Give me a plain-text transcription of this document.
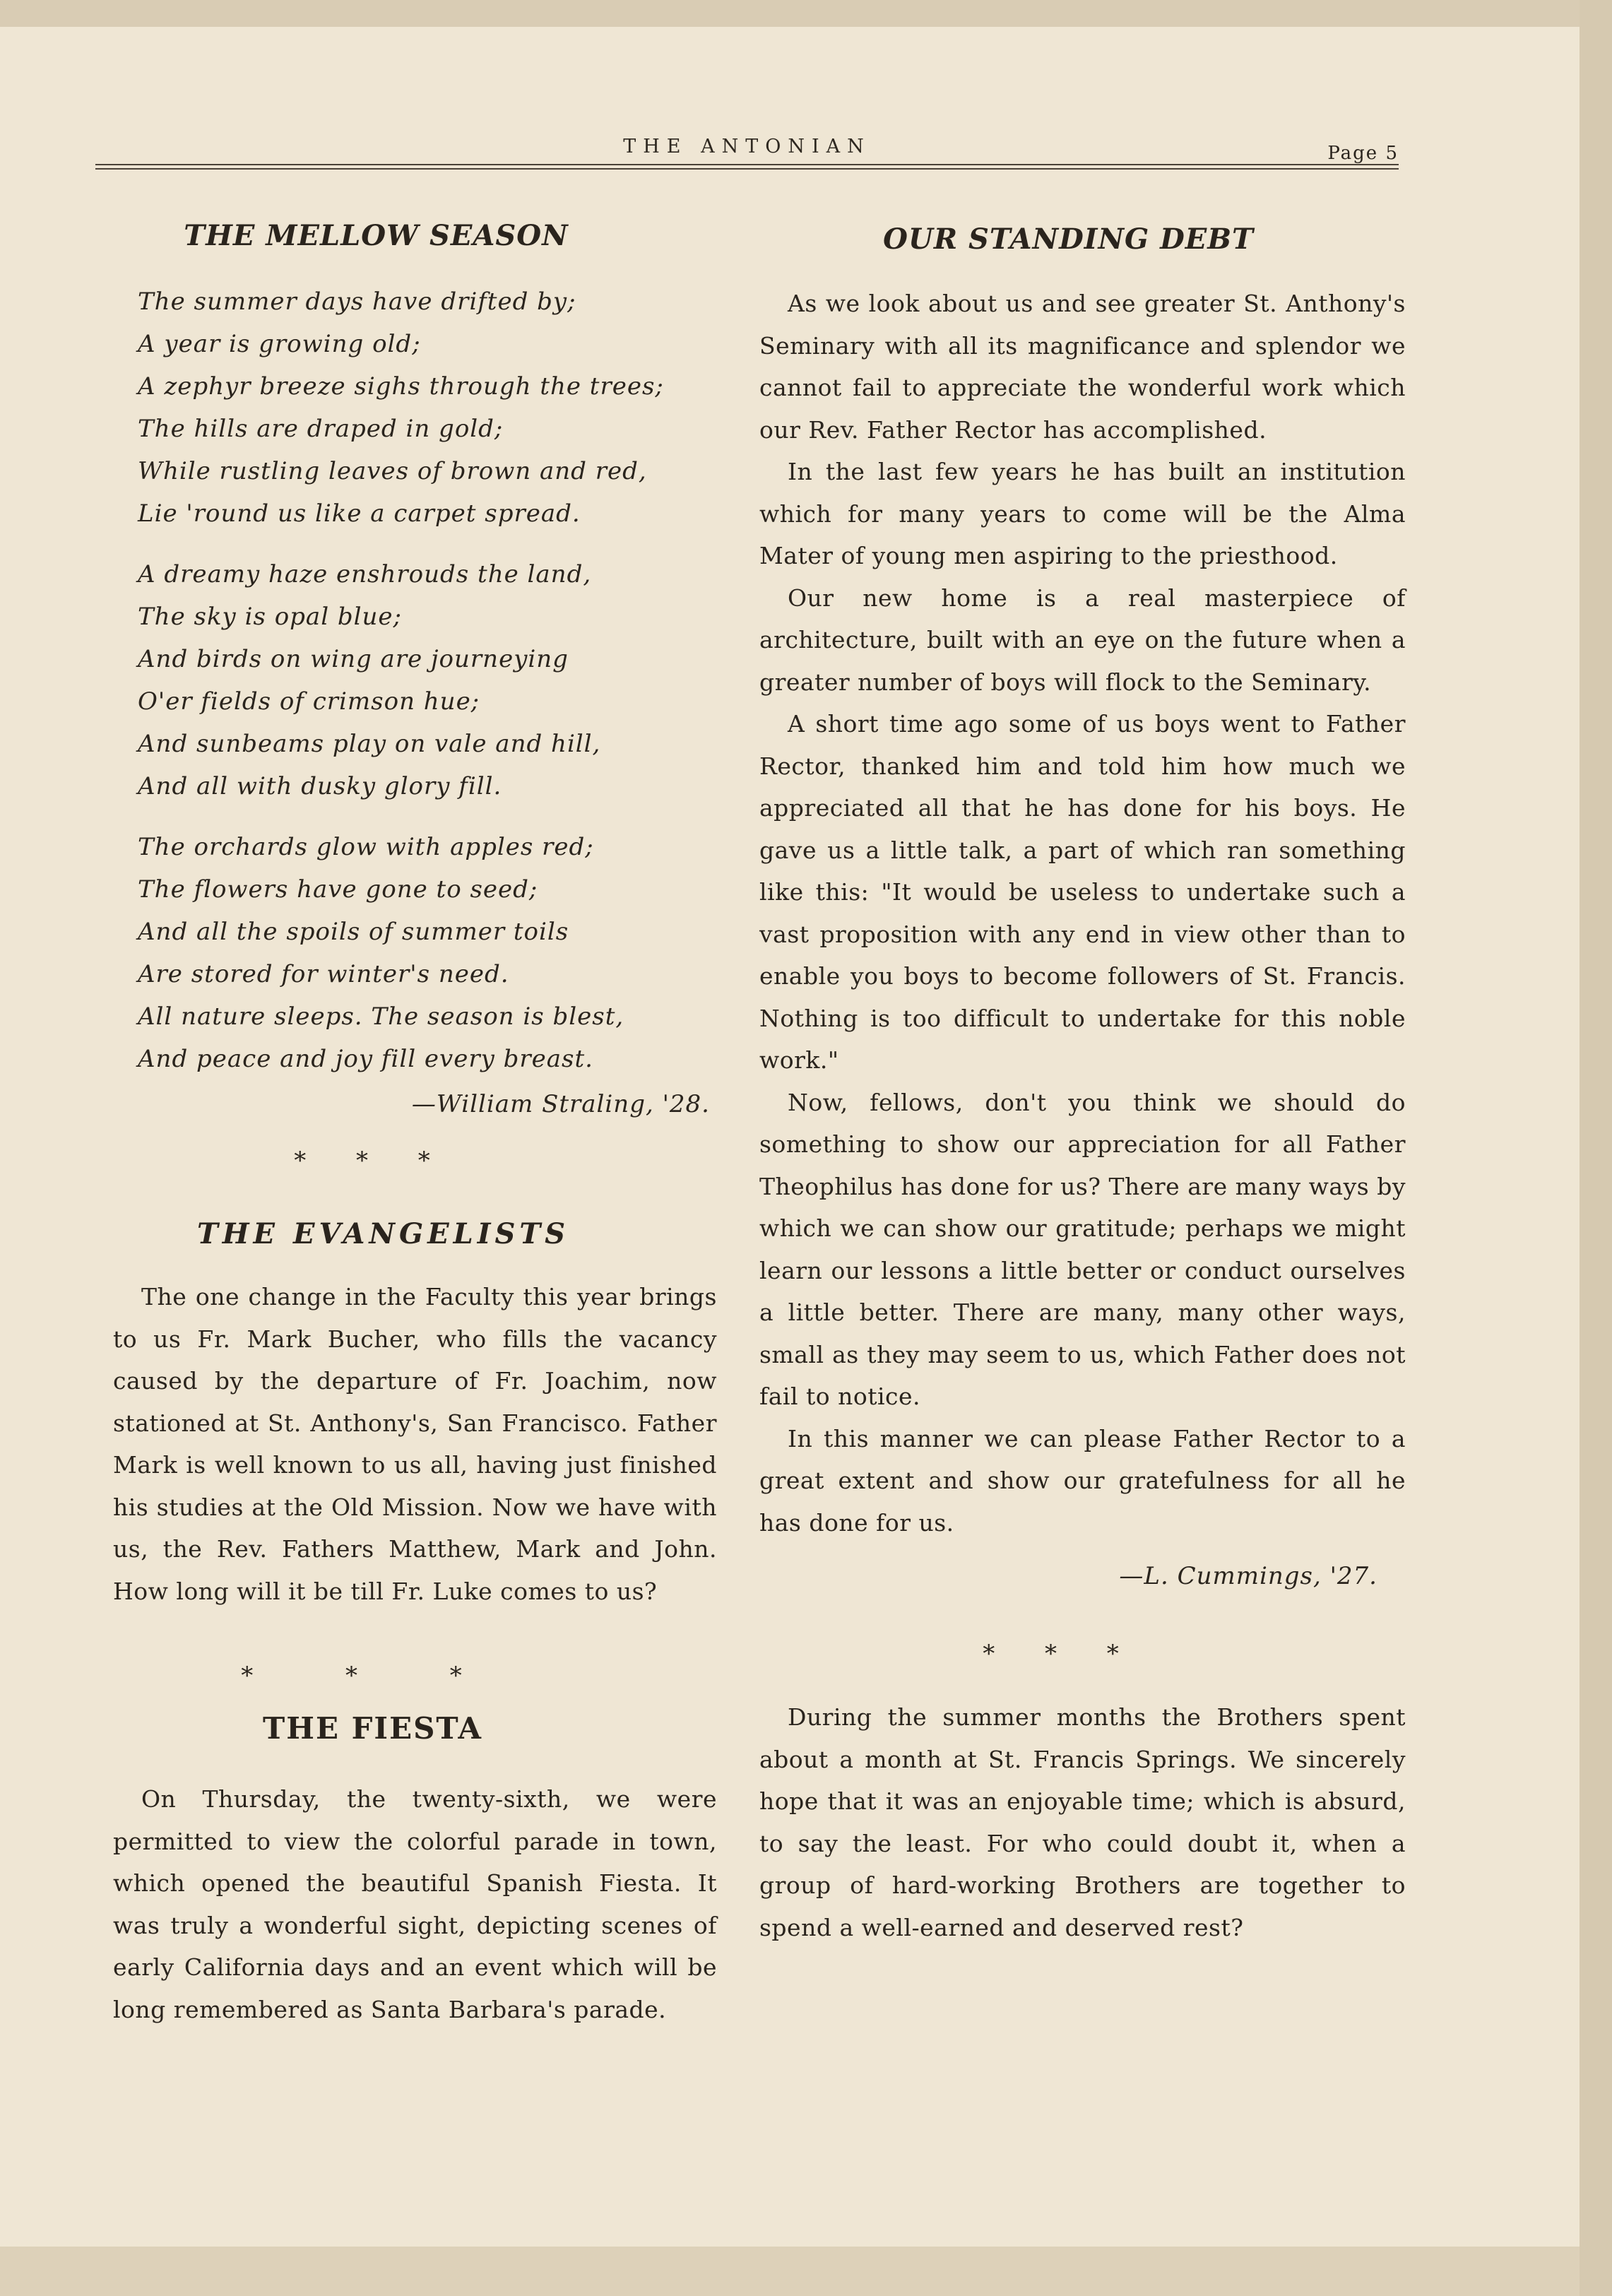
THE ANTONIAN	Page 5
THE MELLOW SEASON
The summer days have drifted by;
A year is growing old;
A zephyr breeze sighs through the trees;
The hills are draped in gold;
While rustling leaves of brown and red,
Lie 'round us like a carpet spread.
A dreamy haze enshrouds the land,
The sky is opal blue;
And birds on wing are journeying
O'er fields of crimson hue;
And sunbeams play on vale and hill,
And all with dusky glory fill.
The orchards glow with apples red;
The flowers have gone to seed;
And all the spoils of summer toils
Are stored for winter's need.
All nature sleeps. The season is blest,
And peace and joy fill every breast.
—William Straling, '28.

* * *

THE EVANGELISTS

The one change in the Faculty this year brings to us Fr. Mark Bucher, who fills the vacancy caused by the departure of Fr. Joachim, now stationed at St. Anthony's, San Francisco. Father Mark is well known to us all, having just finished his studies at the Old Mission. Now we have with us, the Rev. Fathers Matthew, Mark and John. How long will it be till Fr. Luke comes to us?

* * *

THE FIESTA

On Thursday, the twenty-sixth, we were permitted to view the colorful parade in town, which opened the beautiful Spanish Fiesta. It was truly a wonderful sight, depicting scenes of early California days and an event which will be long remembered as Santa Barbara's parade.

OUR STANDING DEBT

As we look about us and see greater St. Anthony's Seminary with all its magnificance and splendor we cannot fail to appreciate the wonderful work which our Rev. Father Rector has accomplished.

In the last few years he has built an institution which for many years to come will be the Alma Mater of young men aspiring to the priesthood.

Our new home is a real masterpiece of architecture, built with an eye on the future when a greater number of boys will flock to the Seminary.

A short time ago some of us boys went to Father Rector, thanked him and told him how much we appreciated all that he has done for his boys. He gave us a little talk, a part of which ran something like this: "It would be useless to undertake such a vast proposition with any end in view other than to enable you boys to become followers of St. Francis. Nothing is too difficult to undertake for this noble work."

Now, fellows, don't you think we should do something to show our appreciation for all Father Theophilus has done for us? There are many ways by which we can show our gratitude; perhaps we might learn our lessons a little better or conduct ourselves a little better. There are many, many other ways, small as they may seem to us, which Father does not fail to notice.

In this manner we can please Father Rector to a great extent and show our gratefulness for all he has done for us.

—L. Cummings, '27.

* * *

During the summer months the Brothers spent about a month at St. Francis Springs. We sincerely hope that it was an enjoyable time; which is absurd, to say the least. For who could doubt it, when a group of hard-working Brothers are together to spend a well-earned and deserved rest?
